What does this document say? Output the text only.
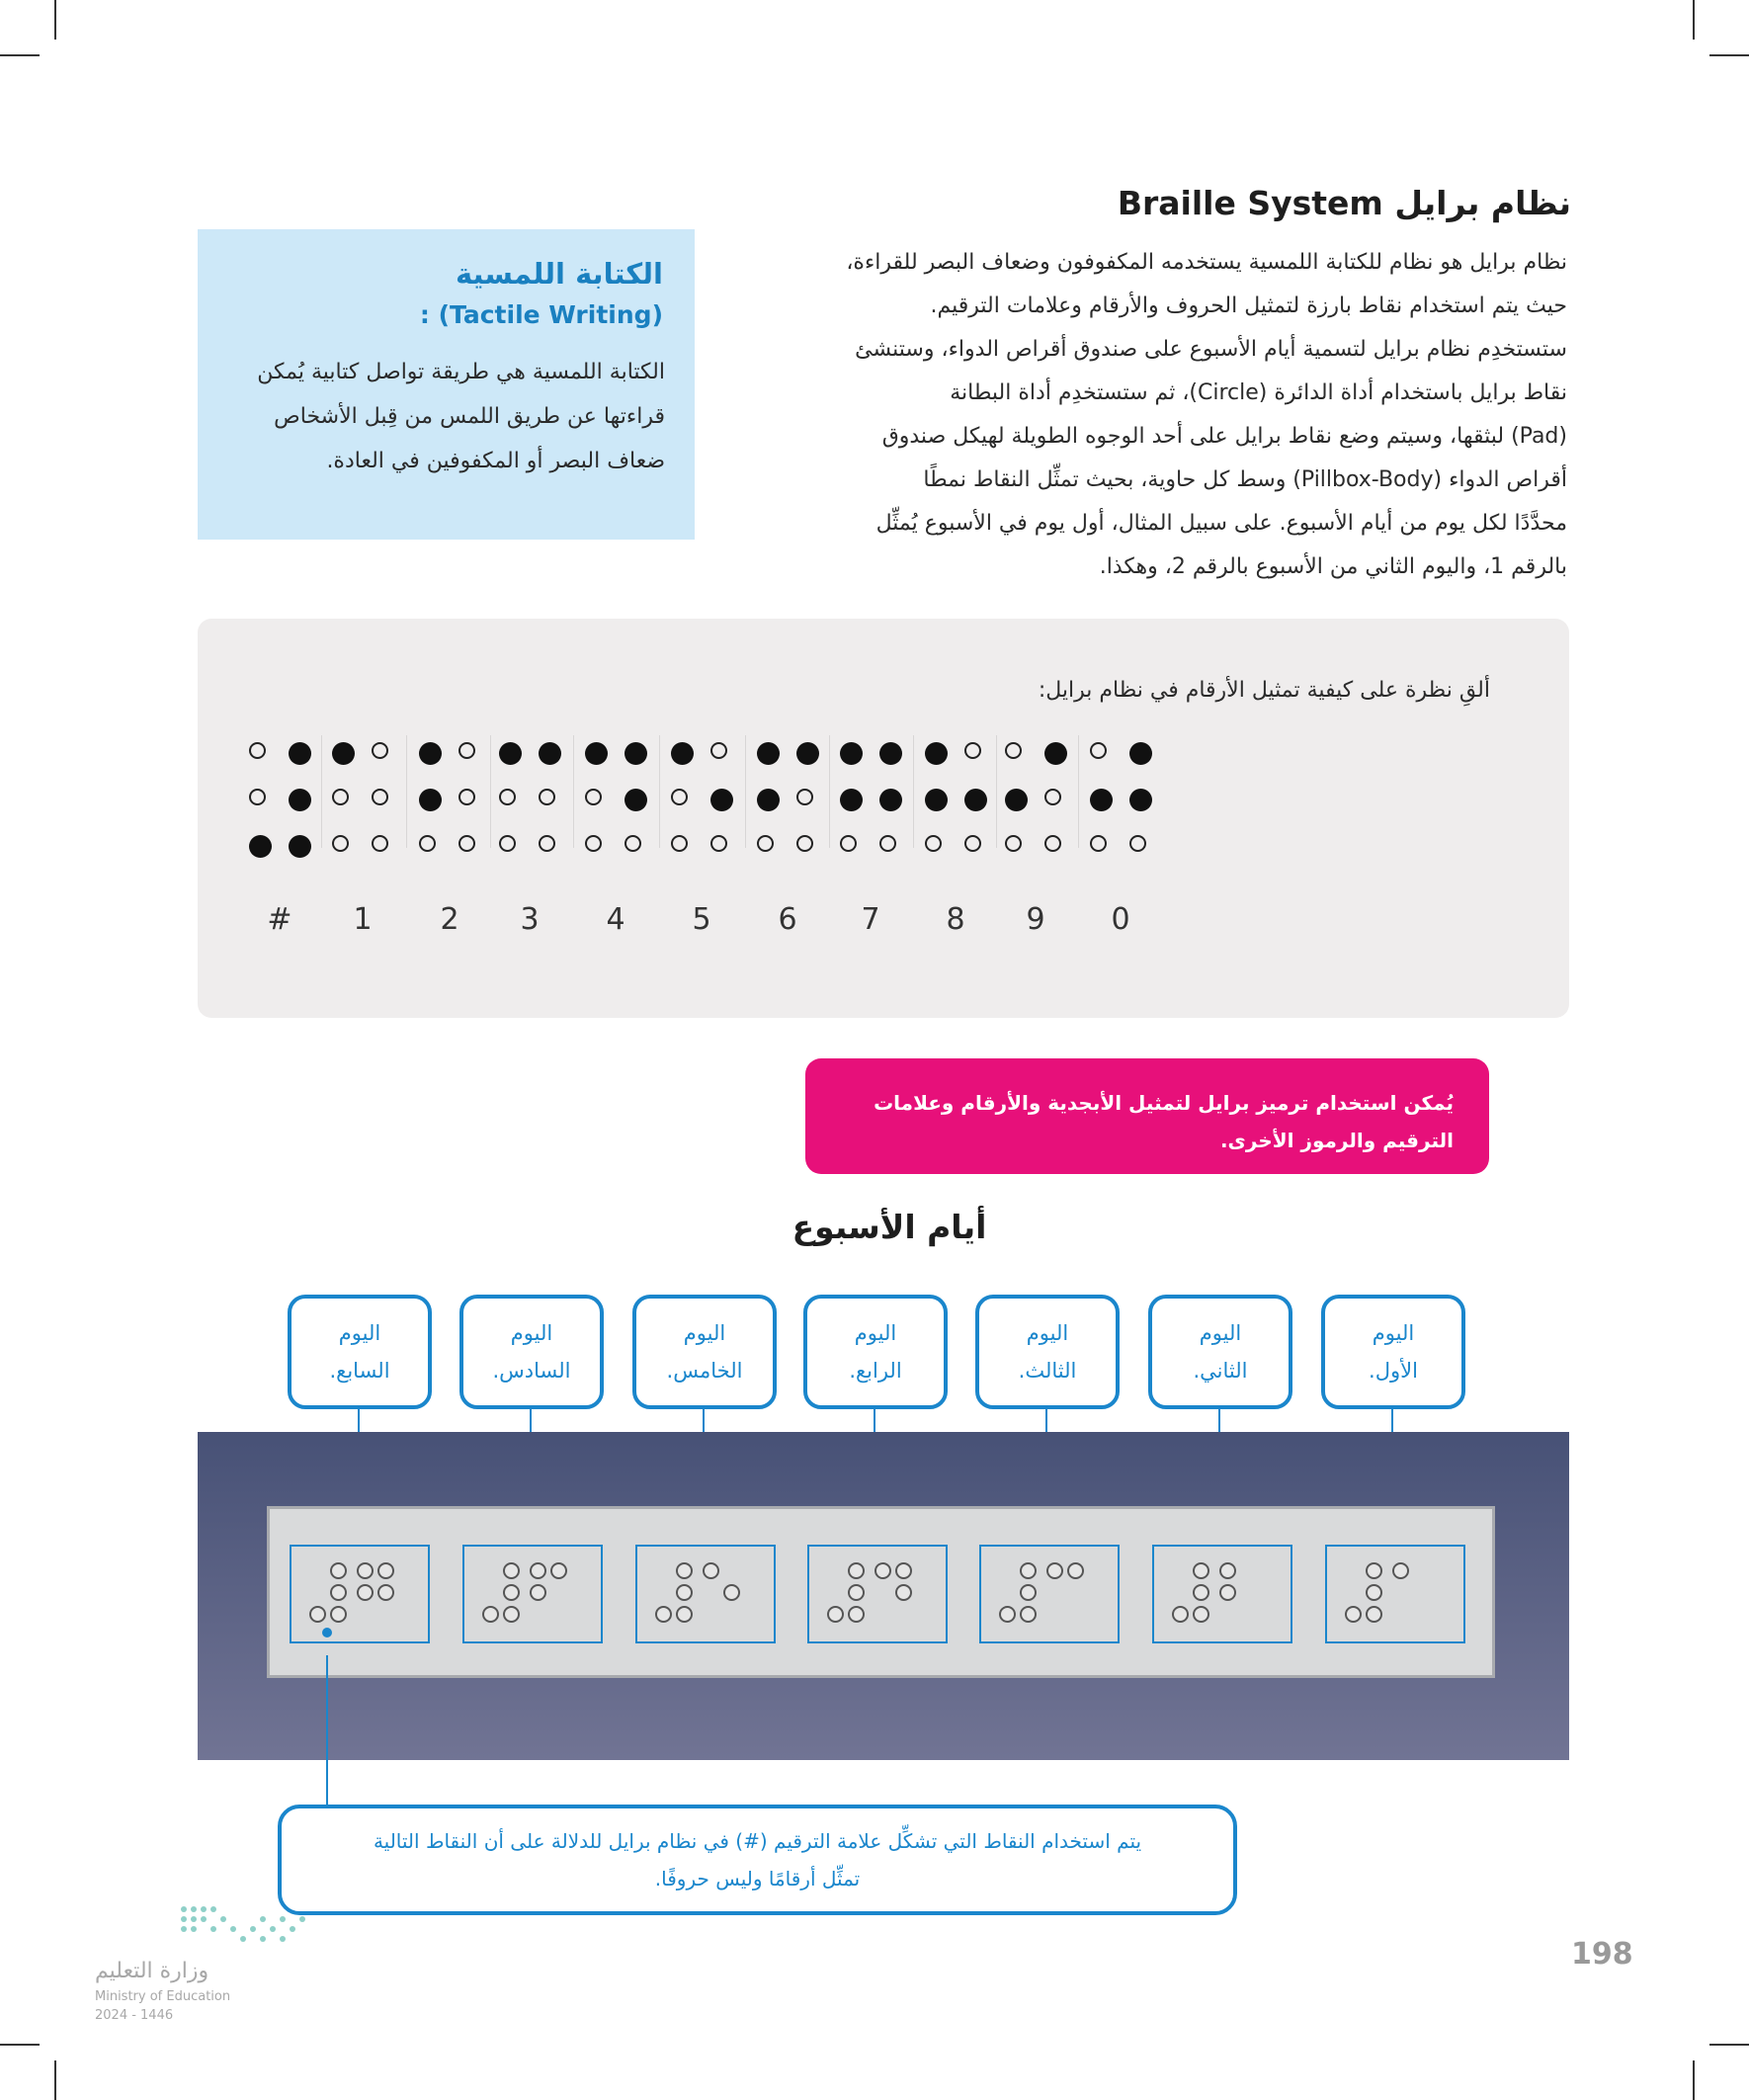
نظام برايل Braille System
نظام برايل هو نظام للكتابة اللمسية يستخدمه المكفوفون وضعاف البصر للقراءة،
حيث يتم استخدام نقاط بارزة لتمثيل الحروف والأرقام وعلامات الترقيم.
ستستخدِم نظام برايل لتسمية أيام الأسبوع على صندوق أقراص الدواء، وستنشئ
نقاط برايل باستخدام أداة الدائرة (Circle)، ثم ستستخدِم أداة البطانة
(Pad) لبثقها، وسيتم وضع نقاط برايل على أحد الوجوه الطويلة لهيكل صندوق
أقراص الدواء (Pillbox-Body) وسط كل حاوية، بحيث تمثِّل النقاط نمطًا
محدَّدًا لكل يوم من أيام الأسبوع. على سبيل المثال، أول يوم في الأسبوع يُمثِّل
بالرقم 1، واليوم الثاني من الأسبوع بالرقم 2، وهكذا.
الكتابة اللمسية
(Tactile Writing) :
الكتابة اللمسية هي طريقة تواصل كتابية يُمكن قراءتها عن طريق اللمس من قِبل الأشخاص ضعاف البصر أو المكفوفين في العادة.
ألقِ نظرة على كيفية تمثيل الأرقام في نظام برايل:
#	1	2	3	4	5	6	7	8	9	0
يُمكن استخدام ترميز برايل لتمثيل الأبجدية والأرقام وعلامات
الترقيم والرموز الأخرى.
أيام الأسبوع
اليوم
السابع.
اليوم
السادس.
اليوم
الخامس.
اليوم
الرابع.
اليوم
الثالث.
اليوم
الثاني.
اليوم
الأول.
يتم استخدام النقاط التي تشكِّل علامة الترقيم (#) في نظام برايل للدلالة على أن النقاط التالية
تمثِّل أرقامًا وليس حروفًا.
198
وزارة التعليم
Ministry of Education
2024 - 1446
